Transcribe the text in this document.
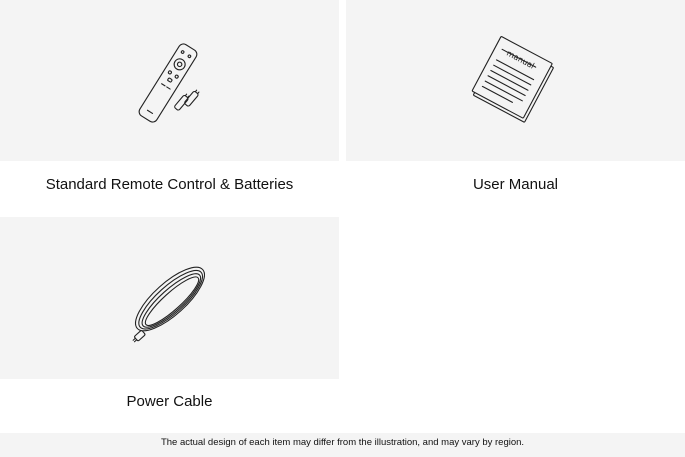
manual
Standard Remote Control & Batteries	User Manual
Power Cable
The actual design of each item may differ from the illustration, and may vary by region.
